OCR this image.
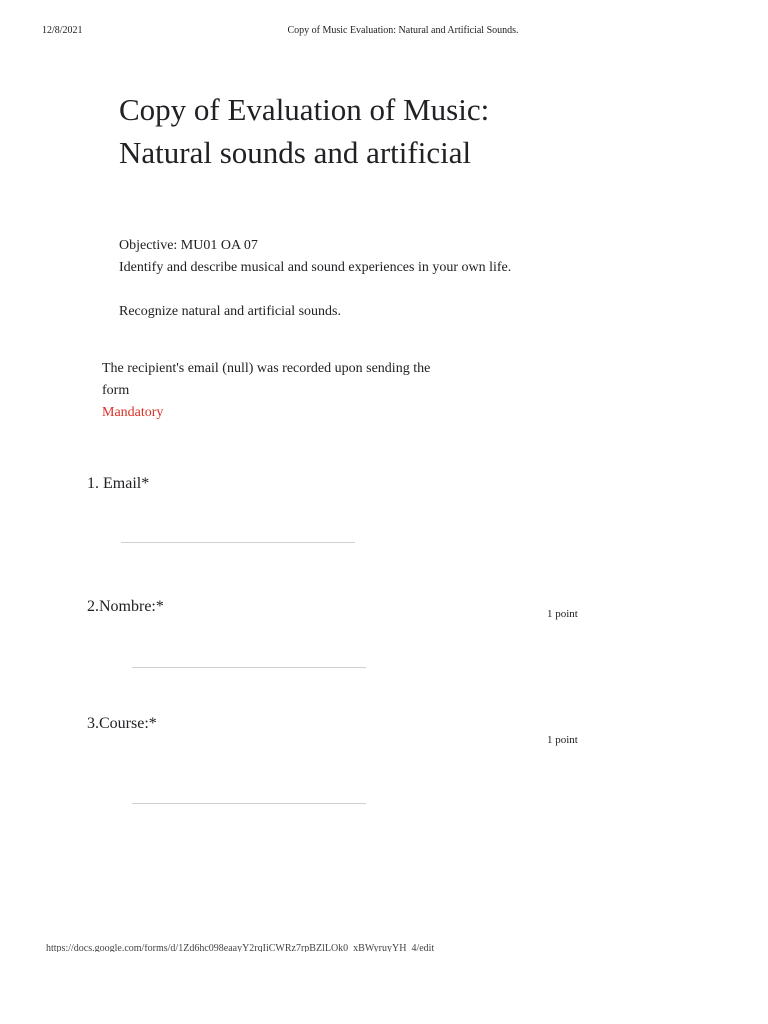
12/8/2021	Copy of Music Evaluation: Natural and Artificial Sounds.
Copy of Evaluation of Music: Natural sounds and artificial
Objective: MU01 OA 07
Identify and describe musical and sound experiences in your own life.
Recognize natural and artificial sounds.
The recipient's email (null) was recorded upon sending the form
Mandatory
1. Email*
2.Nombre:*	1 point
3.Course:*
1 point
https://docs.google.com/forms/d/1Zd6hc098eaayY2rqIiCWRz7rpBZlLOk0_xBWyruyYH_4/edit
